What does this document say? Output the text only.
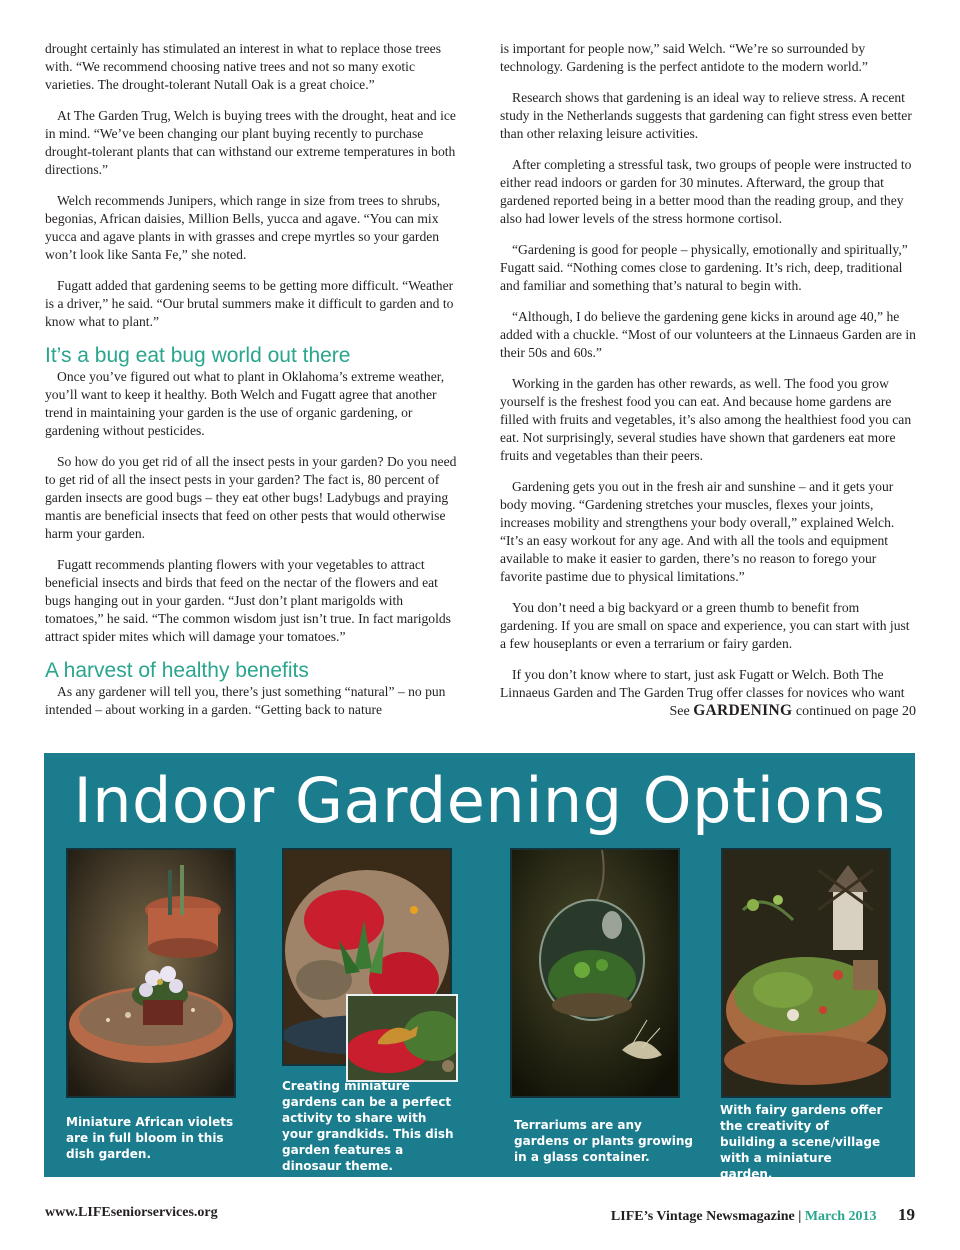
drought certainly has stimulated an interest in what to replace those trees with. “We recommend choosing native trees and not so many exotic varieties. The drought-tolerant Nutall Oak is a great choice.”

At The Garden Trug, Welch is buying trees with the drought, heat and ice in mind. “We’ve been changing our plant buying recently to purchase drought-tolerant plants that can withstand our extreme temperatures in both directions.”

Welch recommends Junipers, which range in size from trees to shrubs, begonias, African daisies, Million Bells, yucca and agave. “You can mix yucca and agave plants in with grasses and crepe myrtles so your garden won’t look like Santa Fe,” she noted.

Fugatt added that gardening seems to be getting more difficult. “Weather is a driver,” he said. “Our brutal summers make it difficult to garden and to know what to plant.”

It’s a bug eat bug world out there

Once you’ve figured out what to plant in Oklahoma’s extreme weather, you’ll want to keep it healthy. Both Welch and Fugatt agree that another trend in maintaining your garden is the use of organic gardening, or gardening without pesticides.

So how do you get rid of all the insect pests in your garden? Do you need to get rid of all the insect pests in your garden? The fact is, 80 percent of garden insects are good bugs – they eat other bugs! Ladybugs and praying mantis are beneficial insects that feed on other pests that would otherwise harm your garden.

Fugatt recommends planting flowers with your vegetables to attract beneficial insects and birds that feed on the nectar of the flowers and eat bugs hanging out in your garden. “Just don’t plant marigolds with tomatoes,” he said. “The common wisdom just isn’t true. In fact marigolds attract spider mites which will damage your tomatoes.”

A harvest of healthy benefits

As any gardener will tell you, there’s just something “natural” – no pun intended – about working in a garden. “Getting back to nature

is important for people now,” said Welch. “We’re so surrounded by technology. Gardening is the perfect antidote to the modern world.”

Research shows that gardening is an ideal way to relieve stress. A recent study in the Netherlands suggests that gardening can fight stress even better than other relaxing leisure activities.

After completing a stressful task, two groups of people were instructed to either read indoors or garden for 30 minutes. Afterward, the group that gardened reported being in a better mood than the reading group, and they also had lower levels of the stress hormone cortisol.

“Gardening is good for people – physically, emotionally and spiritually,” Fugatt said. “Nothing comes close to gardening. It’s rich, deep, traditional and familiar and something that’s natural to begin with.

“Although, I do believe the gardening gene kicks in around age 40,” he added with a chuckle. “Most of our volunteers at the Linnaeus Garden are in their 50s and 60s.”

Working in the garden has other rewards, as well. The food you grow yourself is the freshest food you can eat. And because home gardens are filled with fruits and vegetables, it’s also among the healthiest food you can eat. Not surprisingly, several studies have shown that gardeners eat more fruits and vegetables than their peers.

Gardening gets you out in the fresh air and sunshine – and it gets your body moving. “Gardening stretches your muscles, flexes your joints, increases mobility and strengthens your body overall,” explained Welch. “It’s an easy workout for any age. And with all the tools and equipment available to make it easier to garden, there’s no reason to forego your favorite pastime due to physical limitations.”

You don’t need a big backyard or a green thumb to benefit from gardening. If you are small on space and experience, you can start with just a few houseplants or even a terrarium or fairy garden.

If you don’t know where to start, just ask Fugatt or Welch. Both The Linnaeus Garden and The Garden Trug offer classes for novices who want

See GARDENING continued on page 20
Indoor Gardening Options
Miniature African violets are in full bloom in this dish garden.
Creating miniature gardens can be a perfect activity to share with your grandkids. This dish garden features a dinosaur theme.
Terrariums are any gardens or plants growing in a glass container.
With fairy gardens offer the creativity of building a scene/village with a miniature garden.
www.LIFEseniorservices.org	LIFE’s Vintage Newsmagazine | March 2013 19
